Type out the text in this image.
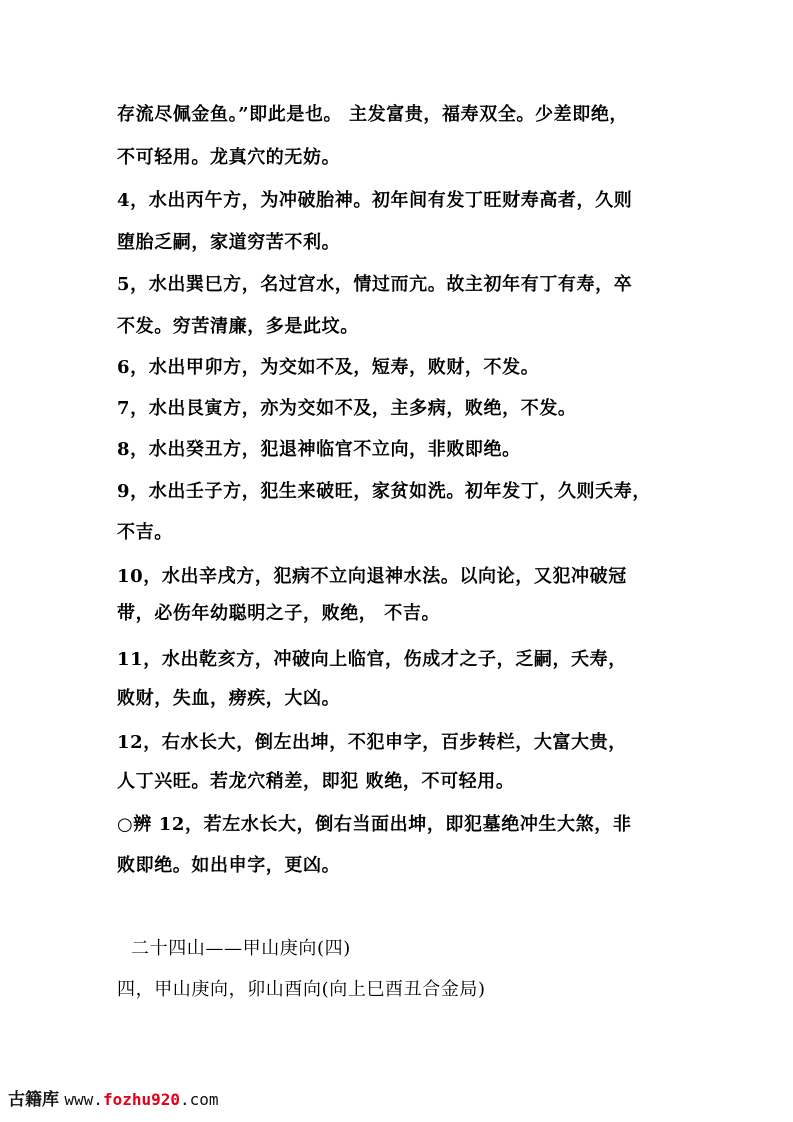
存流尽佩金鱼。”即此是也。 主发富贵，福寿双全。少差即绝，
不可轻用。龙真穴的无妨。
4，水出丙午方，为冲破胎神。初年间有发丁旺财寿高者，久则
堕胎乏嗣，家道穷苦不利。
5，水出巽巳方，名过宫水，情过而亢。故主初年有丁有寿，卒
不发。穷苦清廉，多是此坟。
6，水出甲卯方，为交如不及，短寿，败财，不发。
7，水出艮寅方，亦为交如不及，主多病，败绝，不发。
8，水出癸丑方，犯退神临官不立向，非败即绝。
9，水出壬子方，犯生来破旺，家贫如洗。初年发丁，久则夭寿，
不吉。
10，水出辛戌方，犯病不立向退神水法。以向论，又犯冲破冠
带，必伤年幼聪明之子，败绝， 不吉。
11，水出乾亥方，冲破向上临官，伤成才之子，乏嗣，夭寿，
败财，失血，痨疾，大凶。
12，右水长大，倒左出坤，不犯申字，百步转栏，大富大贵，
人丁兴旺。若龙穴稍差，即犯 败绝，不可轻用。
○辨 12，若左水长大，倒右当面出坤，即犯墓绝冲生大煞，非
败即绝。如出申字，更凶。
二十四山——甲山庚向(四)
四，甲山庚向，卯山酉向(向上巳酉丑合金局)
古籍库 www.fozhu920.com
